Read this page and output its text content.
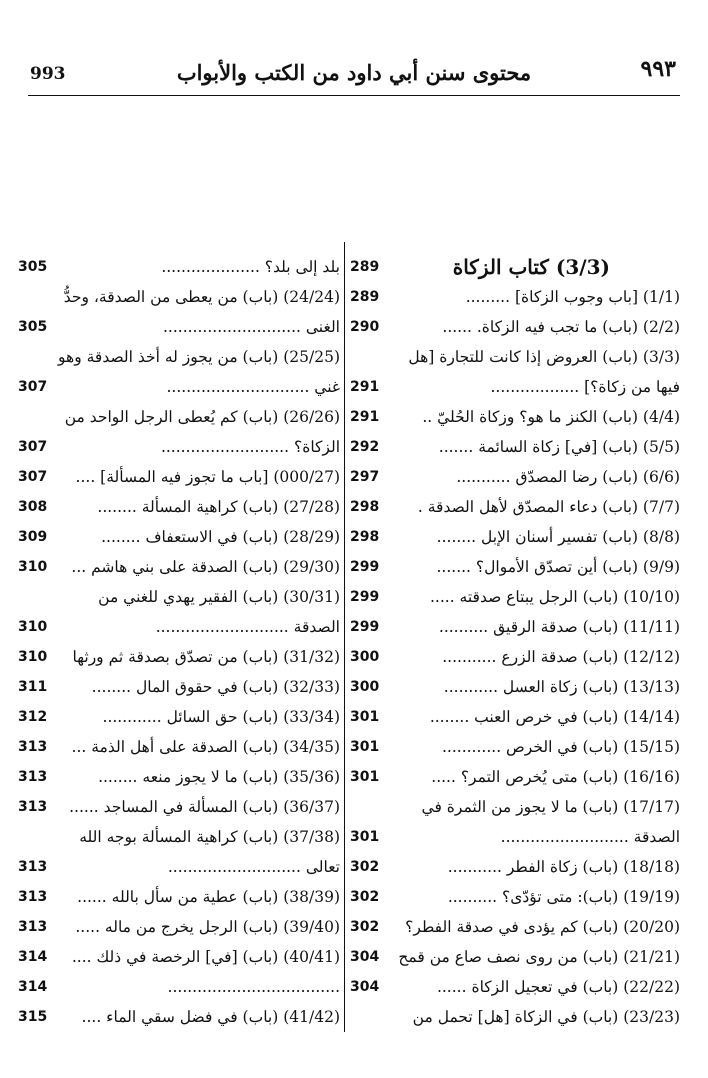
محتوى سنن أبي داود من الكتب والأبواب
993	٩٩٣
(3/3) كتاب الزكاة
289
(1/1) [باب وجوب الزكاة] .........
289
(2/2) (باب) ما تجب فيه الزكاة. ......
290
(3/3) (باب) العروض إذا كانت للتجارة [هل
فيها من زكاة؟] ..................
291
(4/4) (باب) الكنز ما هو؟ وزكاة الحُليّ ..
291
(5/5) (باب) [في] زكاة السائمة .......
292
(6/6) (باب) رضا المصدّق ...........
297
(7/7) (باب) دعاء المصدّق لأهل الصدقة .
298
(8/8) (باب) تفسير أسنان الإبل ........
298
(9/9) (باب) أين تصدّق الأموال؟ .......
299
(10/10) (باب) الرجل يبتاع صدقته .....
299
(11/11) (باب) صدقة الرقيق ..........
299
(12/12) (باب) صدقة الزرع ...........
300
(13/13) (باب) زكاة العسل ...........
300
(14/14) (باب) في خرص العنب ........
301
(15/15) (باب) في الخرص ............
301
(16/16) (باب) متى يُخرص التمر؟ .....
301
(17/17) (باب) ما لا يجوز من الثمرة في
الصدقة ..........................
301
(18/18) (باب) زكاة الفطر ...........
302
(19/19) (باب): متى تؤدّى؟ ..........
302
(20/20) (باب) كم يؤدى في صدقة الفطر؟
302
(21/21) (باب) من روى نصف صاع من قمح
304
(22/22) (باب) في تعجيل الزكاة ......
304
(23/23) (باب) في الزكاة [هل] تحمل من
بلد إلى بلد؟ ....................
305
(24/24) (باب) من يعطى من الصدقة، وحدُّ
الغنى ............................
305
(25/25) (باب) من يجوز له أخذ الصدقة وهو
غني .............................
307
(26/26) (باب) كم يُعطى الرجل الواحد من
الزكاة؟ ..........................
307
(000/27) [باب ما تجوز فيه المسألة] ....
307
(27/28) (باب) كراهية المسألة ........
308
(28/29) (باب) في الاستعفاف ........
309
(29/30) (باب) الصدقة على بني هاشم ...
310
(30/31) (باب) الفقير يهدي للغني من
الصدقة ...........................
310
(31/32) (باب) من تصدّق بصدقة ثم ورثها
310
(32/33) (باب) في حقوق المال ........
311
(33/34) (باب) حق السائل ............
312
(34/35) (باب) الصدقة على أهل الذمة ...
313
(35/36) (باب) ما لا يجوز منعه ........
313
(36/37) (باب) المسألة في المساجد ......
313
(37/38) (باب) كراهية المسألة بوجه الله
تعالى ...........................
313
(38/39) (باب) عطية من سأل بالله ......
313
(39/40) (باب) الرجل يخرج من ماله .....
313
(40/41) (باب) [في] الرخصة في ذلك ....
314
...................................
314
(41/42) (باب) في فضل سقي الماء ....
315
